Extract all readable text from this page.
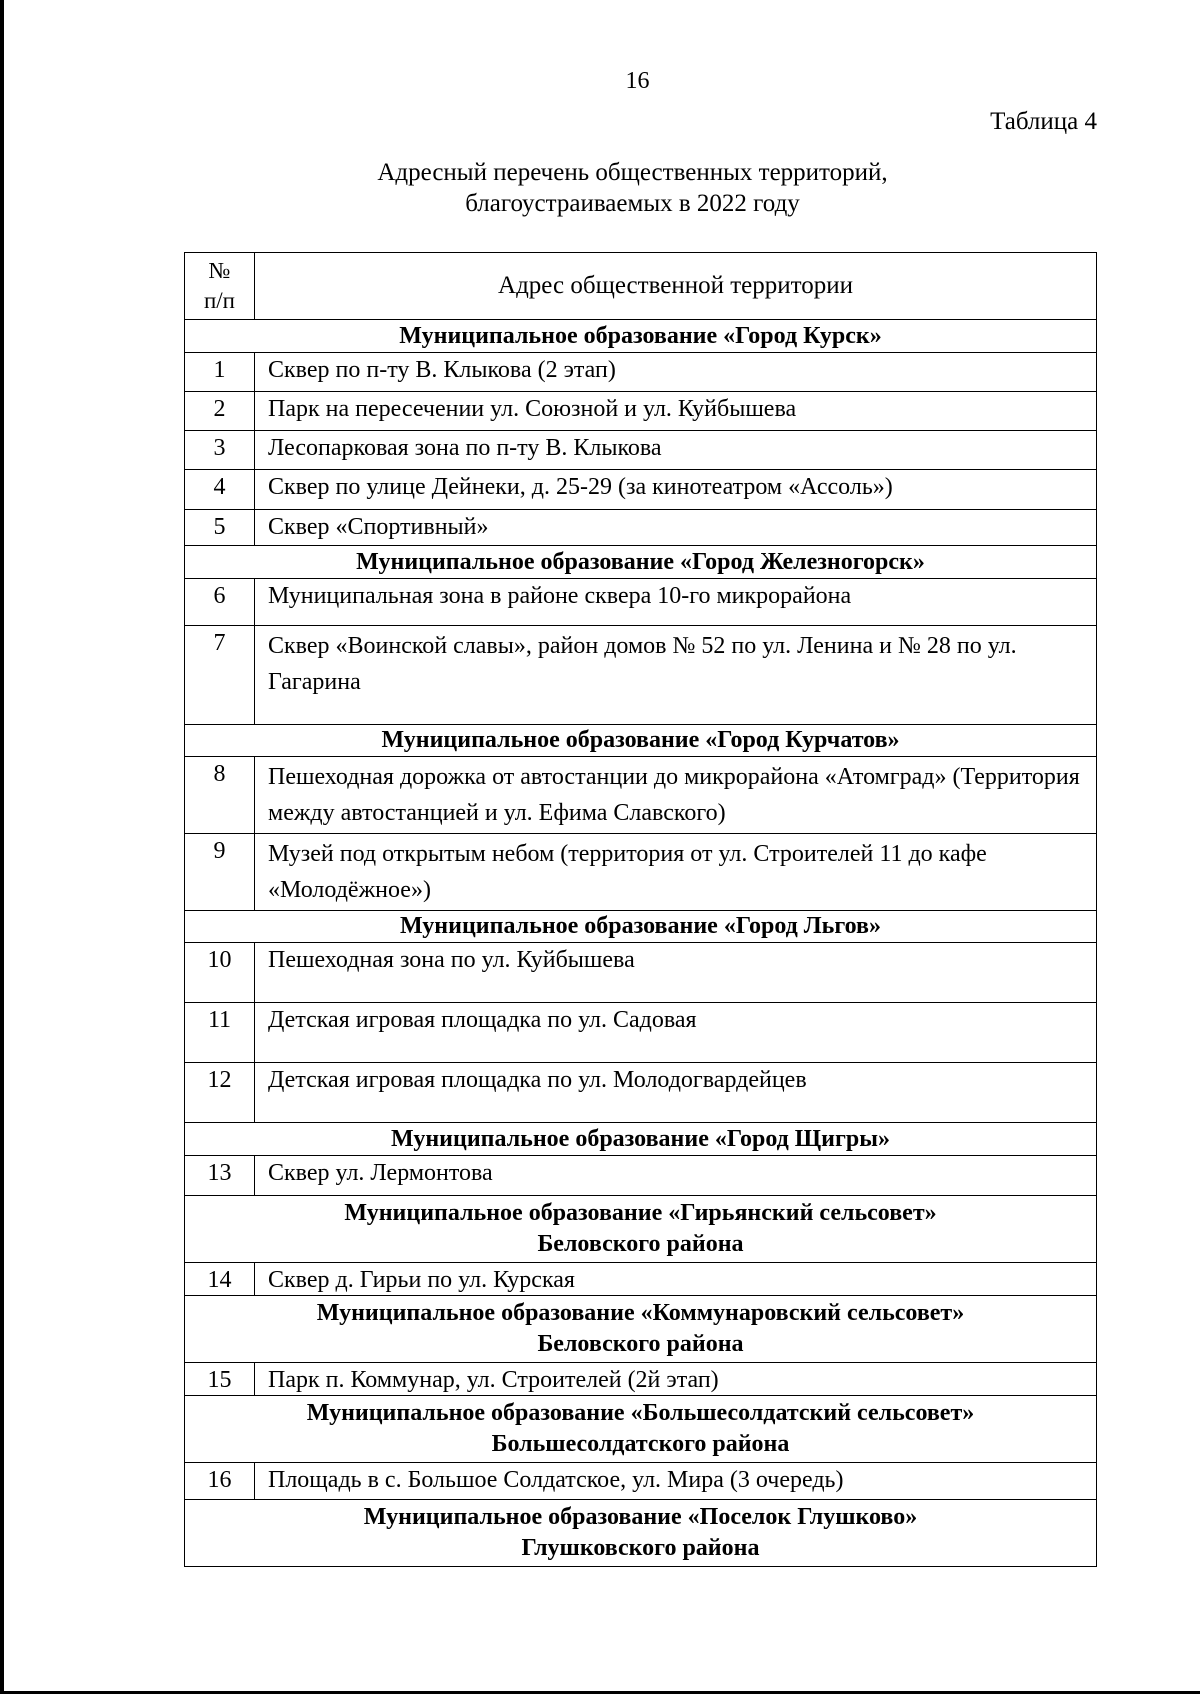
16
Таблица 4
Адресный перечень общественных территорий,
благоустраиваемых в 2022 году
№
п/п	Адрес общественной территории
Муниципальное образование «Город Курск»	
1	Сквер по п-ту В. Клыкова (2 этап)
2	Парк на пересечении ул. Союзной и ул. Куйбышева
3	Лесопарковая зона по п-ту В. Клыкова
4	Сквер по улице Дейнеки, д. 25-29 (за кинотеатром «Ассоль»)
5	Сквер «Спортивный»
Муниципальное образование «Город Железногорск»	
6	Муниципальная зона в районе сквера 10-го микрорайона
7	Сквер «Воинской славы», район домов № 52 по ул. Ленина и № 28 по ул. Гагарина
Муниципальное образование «Город Курчатов»	
8	Пешеходная дорожка от автостанции до микрорайона «Атомград» (Территория между автостанцией и ул. Ефима Славского)
9	Музей под открытым небом (территория от ул. Строителей 11 до кафе «Молодёжное»)
Муниципальное образование «Город Льгов»	
10	Пешеходная зона по ул. Куйбышева
11	Детская игровая площадка по ул. Садовая
12	Детская игровая площадка по ул. Молодогвардейцев
Муниципальное образование «Город Щигры»	
13	Сквер ул. Лермонтова

Муниципальное образование «Гирьянский сельсовет»
Беловского района	

14	Сквер д. Гирьи по ул. Курская

Муниципальное образование «Коммунаровский сельсовет»
Беловского района	

15	Парк п. Коммунар, ул. Строителей (2й этап)

Муниципальное образование «Большесолдатский сельсовет»
Большесолдатского района	

16	Площадь в с. Большое Солдатское, ул. Мира (3 очередь)

Муниципальное образование «Поселок Глушково»
Глушковского района	
